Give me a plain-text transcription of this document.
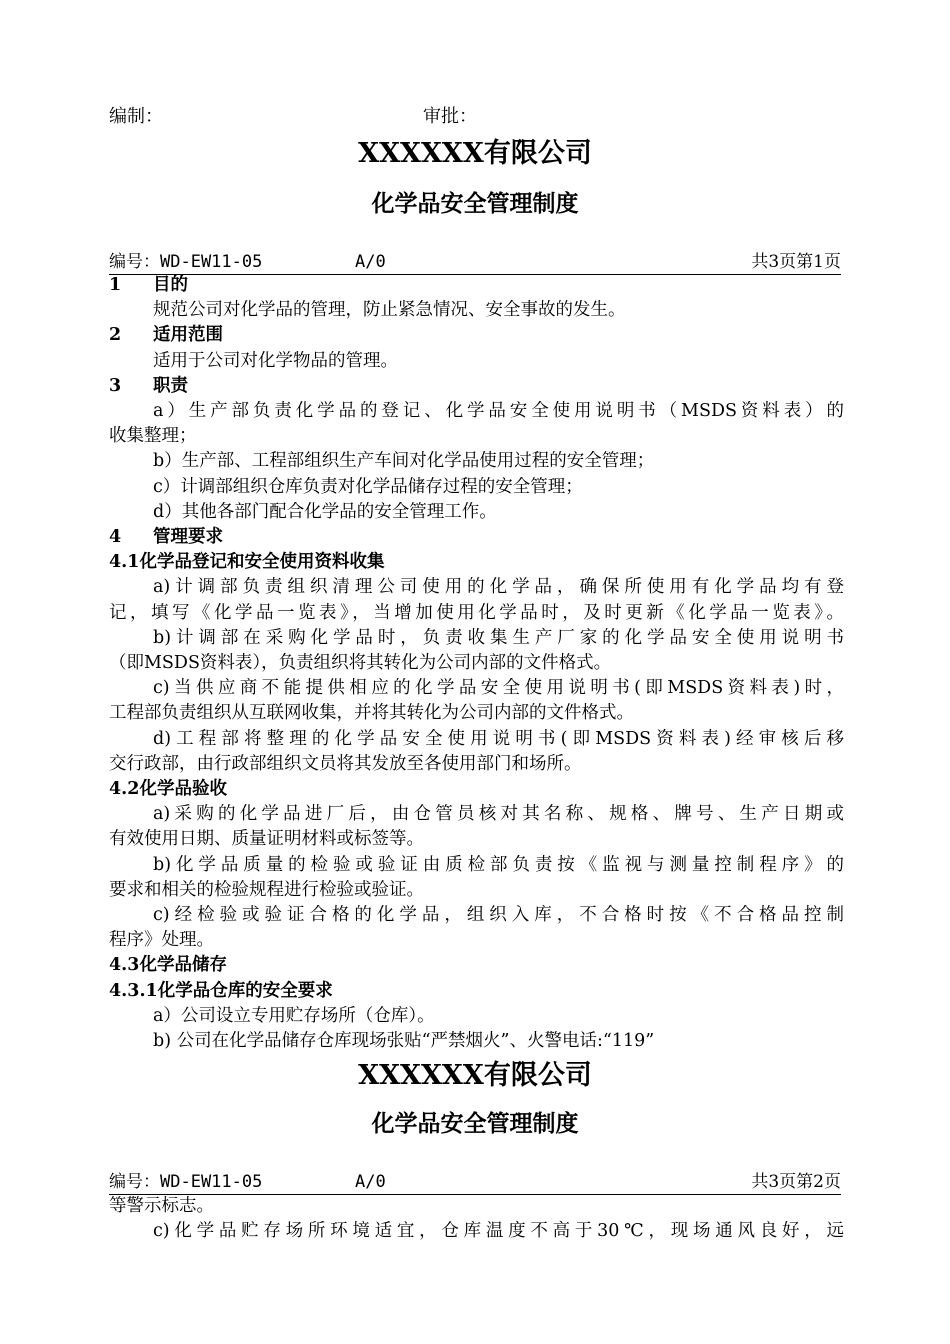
编制：	审批：
XXXXXX有限公司
化学品安全管理制度
编号：WD-EW11-05	A/0	共3页第1页

1 目的

规范公司对化学品的管理，防止紧急情况、安全事故的发生。

2 适用范围

适用于公司对化学物品的管理。

3 职责

a）生产部负责化学品的登记、化学品安全使用说明书（MSDS资料表）的

收集整理；

b）生产部、工程部组织生产车间对化学品使用过程的安全管理；

c）计调部组织仓库负责对化学品储存过程的安全管理；

d）其他各部门配合化学品的安全管理工作。

4 管理要求

4.1化学品登记和安全使用资料收集

a)计调部负责组织清理公司使用的化学品，确保所使用有化学品均有登

记，填写《化学品一览表》，当增加使用化学品时，及时更新《化学品一览表》。

b)计调部在采购化学品时，负责收集生产厂家的化学品安全使用说明书

（即MSDS资料表），负责组织将其转化为公司内部的文件格式。

c)当供应商不能提供相应的化学品安全使用说明书(即MSDS资料表)时，

工程部负责组织从互联网收集，并将其转化为公司内部的文件格式。

d)工程部将整理的化学品安全使用说明书(即MSDS资料表)经审核后移

交行政部，由行政部组织文员将其发放至各使用部门和场所。

4.2化学品验收

a)采购的化学品进厂后，由仓管员核对其名称、规格、牌号、生产日期或

有效使用日期、质量证明材料或标签等。

b)化学品质量的检验或验证由质检部负责按《监视与测量控制程序》的

要求和相关的检验规程进行检验或验证。

c)经检验或验证合格的化学品，组织入库，不合格时按《不合格品控制

程序》处理。

4.3化学品储存

4.3.1化学品仓库的安全要求

a）公司设立专用贮存场所（仓库）。

b) 公司在化学品储存仓库现场张贴“严禁烟火”、火警电话:“119”

XXXXXX有限公司
化学品安全管理制度
编号：WD-EW11-05	A/0	共3页第2页

等警示标志。

c)化学品贮存场所环境适宜，仓库温度不高于30℃，现场通风良好，远
